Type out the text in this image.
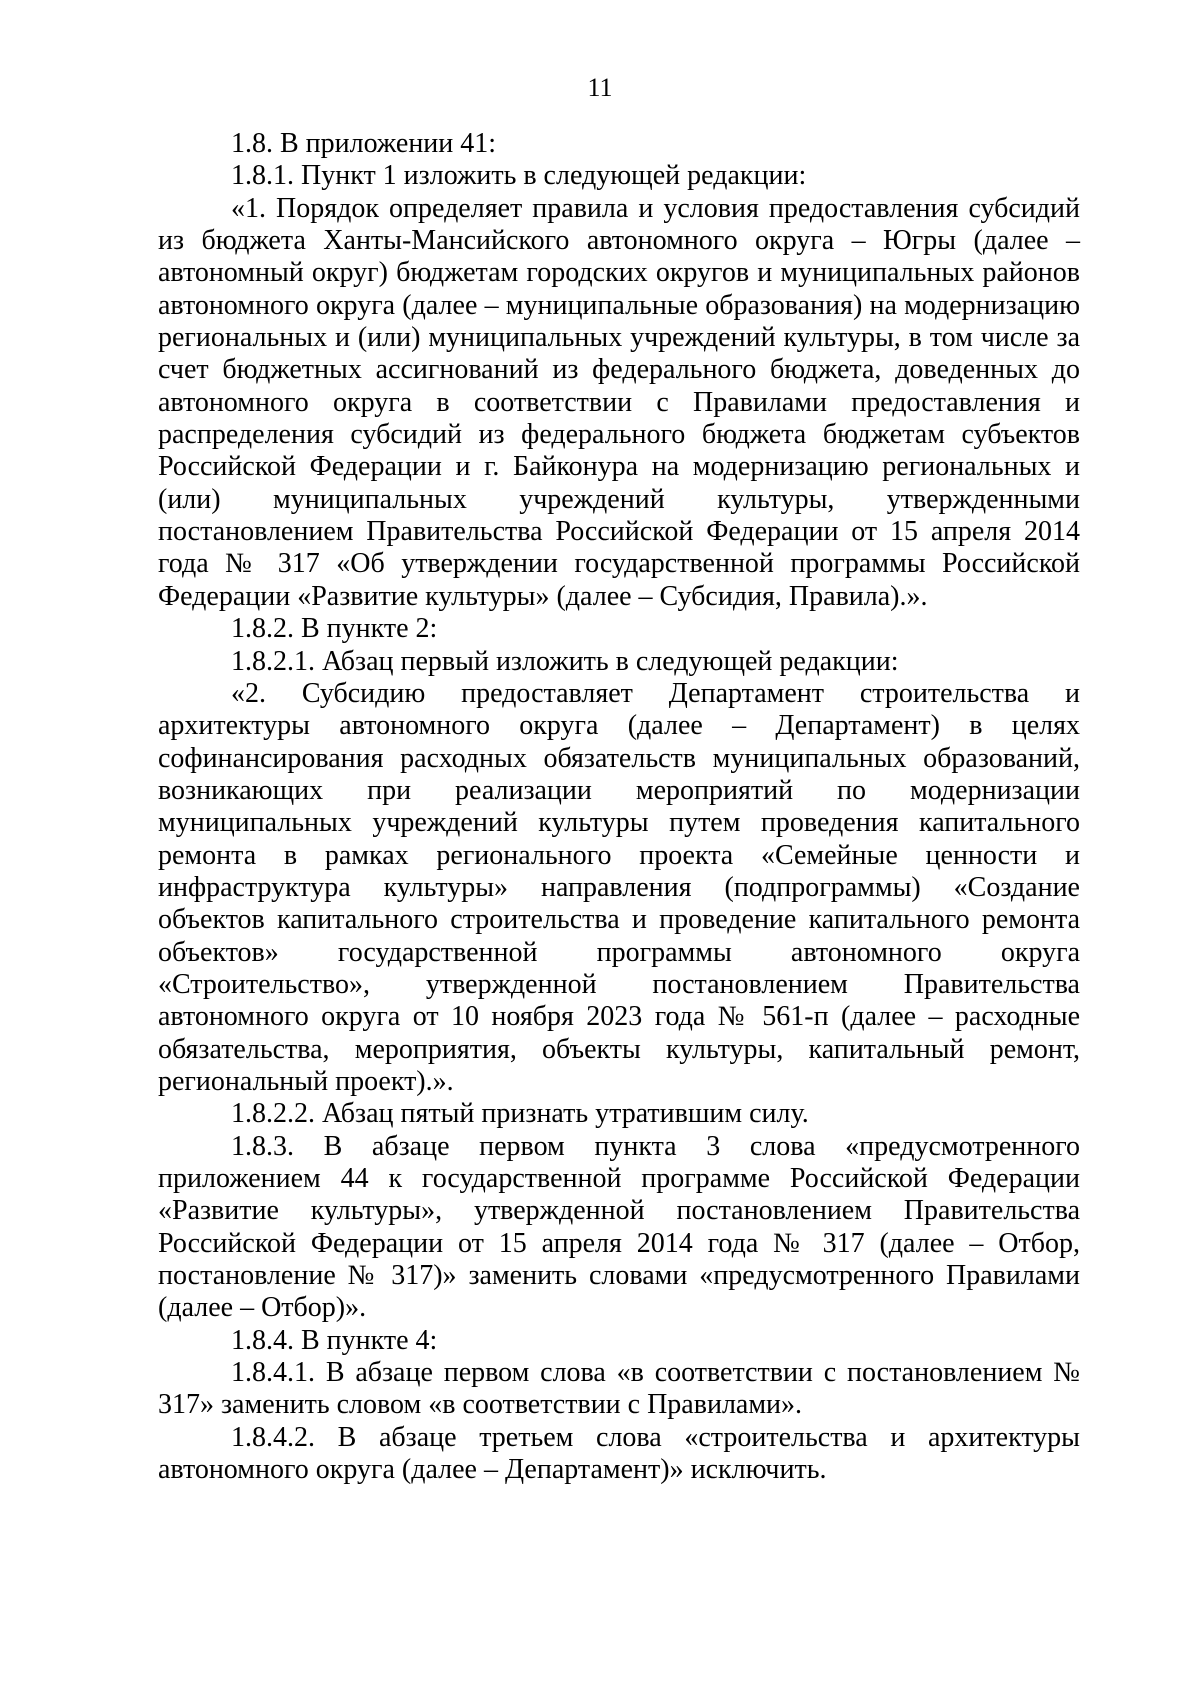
11

1.8. В приложении 41:

1.8.1. Пункт 1 изложить в следующей редакции:

«1. Порядок определяет правила и условия предоставления субсидий из бюджета Ханты-Мансийского автономного округа – Югры (далее – автономный округ) бюджетам городских округов и муниципальных районов автономного округа (далее – муниципальные образования) на модернизацию региональных и (или) муниципальных учреждений культуры, в том числе за счет бюджетных ассигнований из федерального бюджета, доведенных до автономного округа в соответствии с Правилами предоставления и распределения субсидий из федерального бюджета бюджетам субъектов Российской Федерации и г. Байконура на модернизацию региональных и (или) муниципальных учреждений культуры, утвержденными постановлением Правительства Российской Федерации от 15 апреля 2014 года № 317 «Об утверждении государственной программы Российской Федерации «Развитие культуры» (далее – Субсидия, Правила).».

1.8.2. В пункте 2:

1.8.2.1. Абзац первый изложить в следующей редакции:

«2. Субсидию предоставляет Департамент строительства и архитектуры автономного округа (далее – Департамент) в целях софинансирования расходных обязательств муниципальных образований, возникающих при реализации мероприятий по модернизации муниципальных учреждений культуры путем проведения капитального ремонта в рамках регионального проекта «Семейные ценности и инфраструктура культуры» направления (подпрограммы) «Создание объектов капитального строительства и проведение капитального ремонта объектов» государственной программы автономного округа «Строительство», утвержденной постановлением Правительства автономного округа от 10 ноября 2023 года № 561-п (далее – расходные обязательства, мероприятия, объекты культуры, капитальный ремонт, региональный проект).».

1.8.2.2. Абзац пятый признать утратившим силу.

1.8.3. В абзаце первом пункта 3 слова «предусмотренного приложением 44 к государственной программе Российской Федерации «Развитие культуры», утвержденной постановлением Правительства Российской Федерации от 15 апреля 2014 года № 317 (далее – Отбор, постановление № 317)» заменить словами «предусмотренного Правилами (далее – Отбор)».

1.8.4. В пункте 4:

1.8.4.1. В абзаце первом слова «в соответствии с постановлением № 317» заменить словом «в соответствии с Правилами».

1.8.4.2. В абзаце третьем слова «строительства и архитектуры автономного округа (далее – Департамент)» исключить.
